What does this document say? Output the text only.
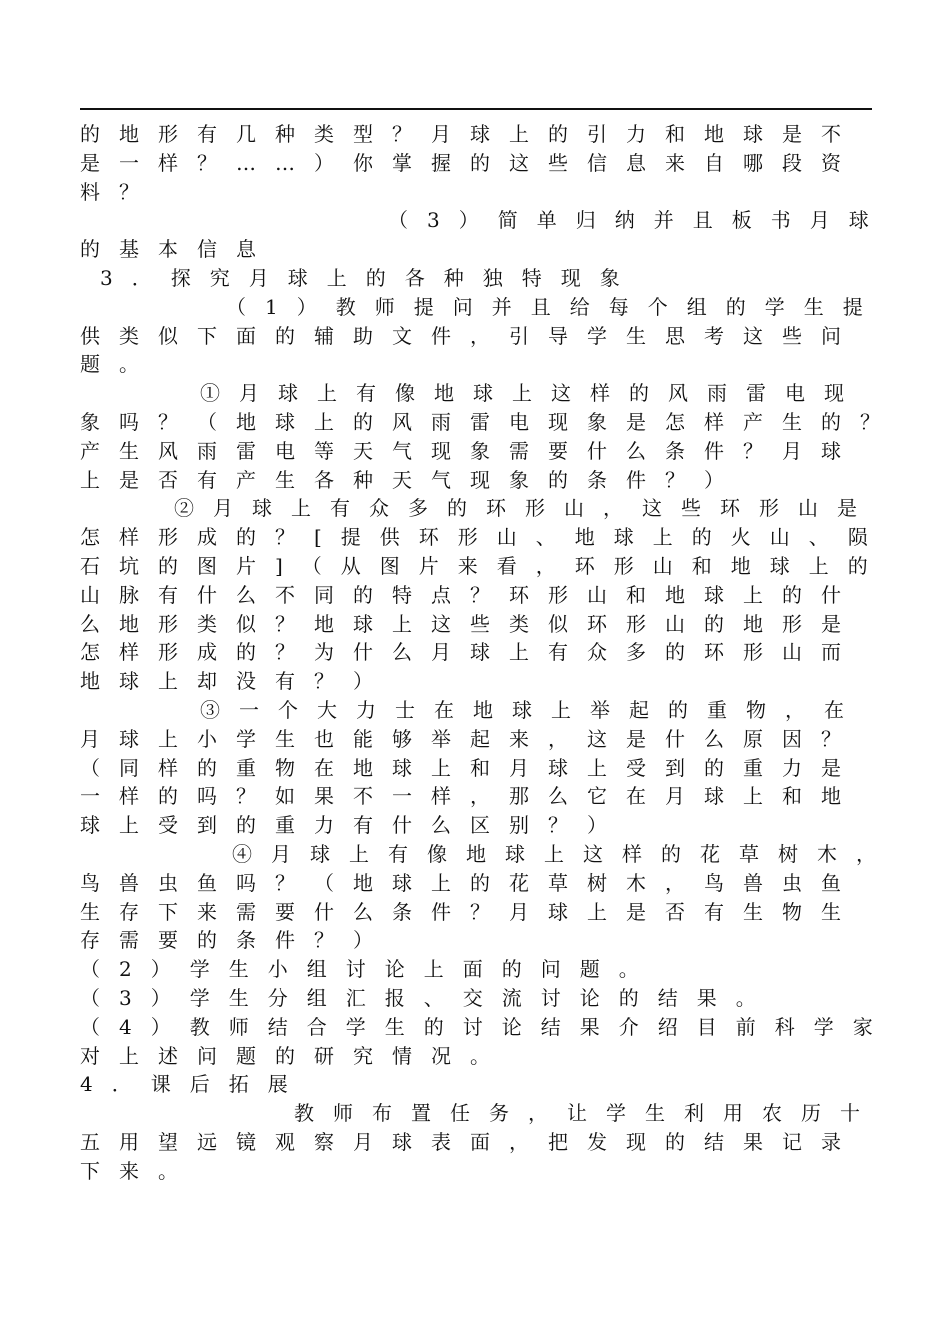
的地形有几种类型？月球上的引力和地球是不
是一样？……）你掌握的这些信息来自哪段资
料？
（3）简单归纳并且板书月球
的基本信息
3．探究月球上的各种独特现象
（1）教师提问并且给每个组的学生提
供类似下面的辅助文件，引导学生思考这些问
题。
①月球上有像地球上这样的风雨雷电现
象吗？（地球上的风雨雷电现象是怎样产生的？
产生风雨雷电等天气现象需要什么条件？月球
上是否有产生各种天气现象的条件？）
②月球上有众多的环形山，这些环形山是
怎样形成的？[提供环形山、地球上的火山、陨
石坑的图片]（从图片来看，环形山和地球上的
山脉有什么不同的特点？环形山和地球上的什
么地形类似？地球上这些类似环形山的地形是
怎样形成的？为什么月球上有众多的环形山而
地球上却没有？）
③一个大力士在地球上举起的重物，在
月球上小学生也能够举起来，这是什么原因？
（同样的重物在地球上和月球上受到的重力是
一样的吗？如果不一样，那么它在月球上和地
球上受到的重力有什么区别？）
④月球上有像地球上这样的花草树木，
鸟兽虫鱼吗？（地球上的花草树木，鸟兽虫鱼
生存下来需要什么条件？月球上是否有生物生
存需要的条件？）
（2）学生小组讨论上面的问题。
（3）学生分组汇报、交流讨论的结果。
（4）教师结合学生的讨论结果介绍目前科学家
对上述问题的研究情况。
4．课后拓展
教师布置任务，让学生利用农历十
五用望远镜观察月球表面，把发现的结果记录
下来。
